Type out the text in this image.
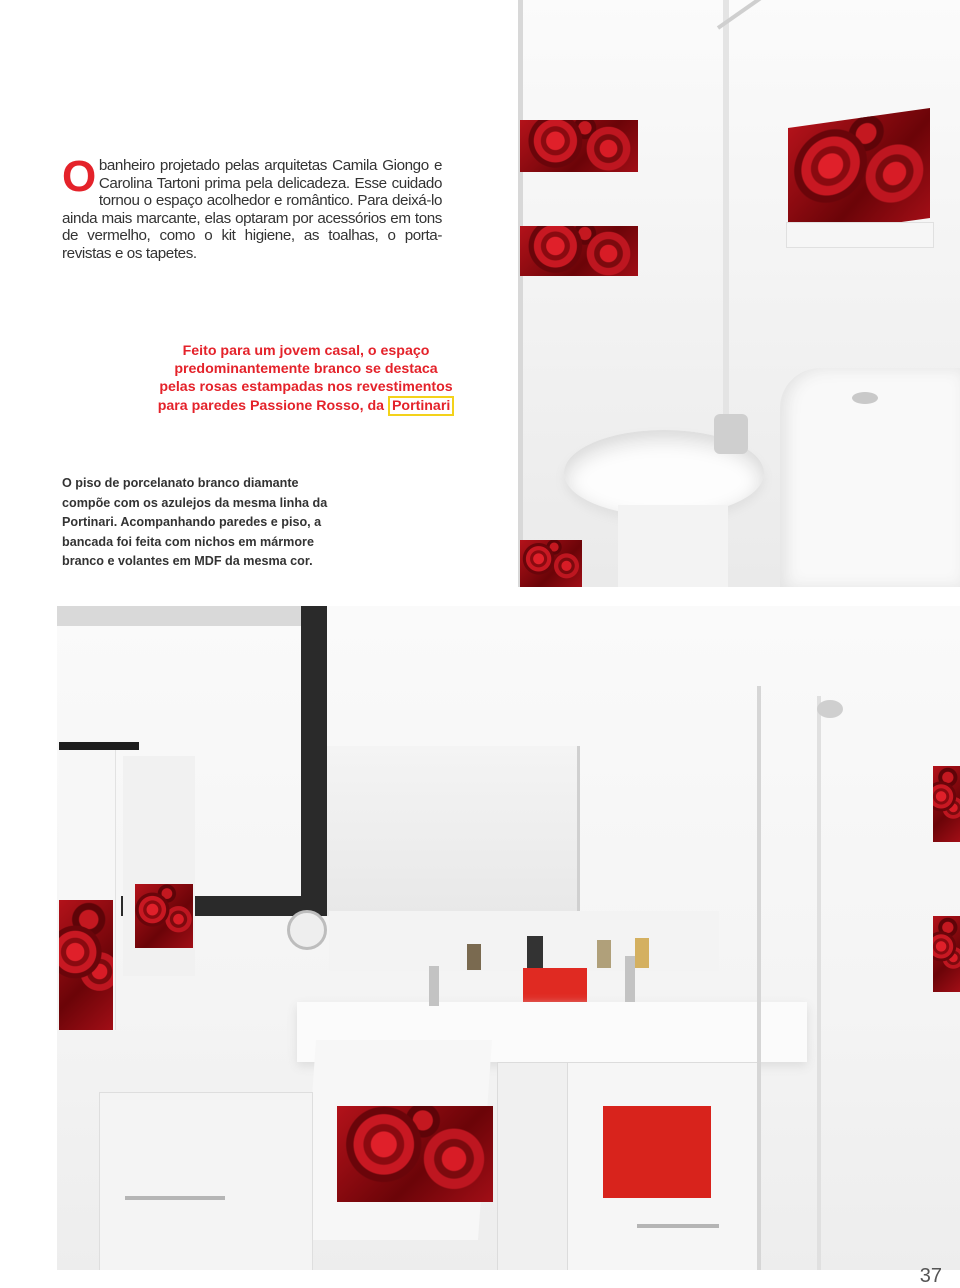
Obanheiro projetado pelas arquitetas Camila Giongo e Carolina Tartoni prima pela delicadeza. Esse cuidado tornou o espaço acolhedor e romântico. Para deixá-lo ainda mais marcante, elas optaram por acessórios em tons de vermelho, como o kit higiene, as toalhas, o porta-revistas e os tapetes.
Feito para um jovem casal, o espaço
predominantemente branco se destaca
pelas rosas estampadas nos revestimentos
para paredes Passione Rosso, da Portinari
O piso de porcelanato branco diamante
compõe com os azulejos da mesma linha da
Portinari. Acompanhando paredes e piso, a
bancada foi feita com nichos em mármore
branco e volantes em MDF da mesma cor.
37
